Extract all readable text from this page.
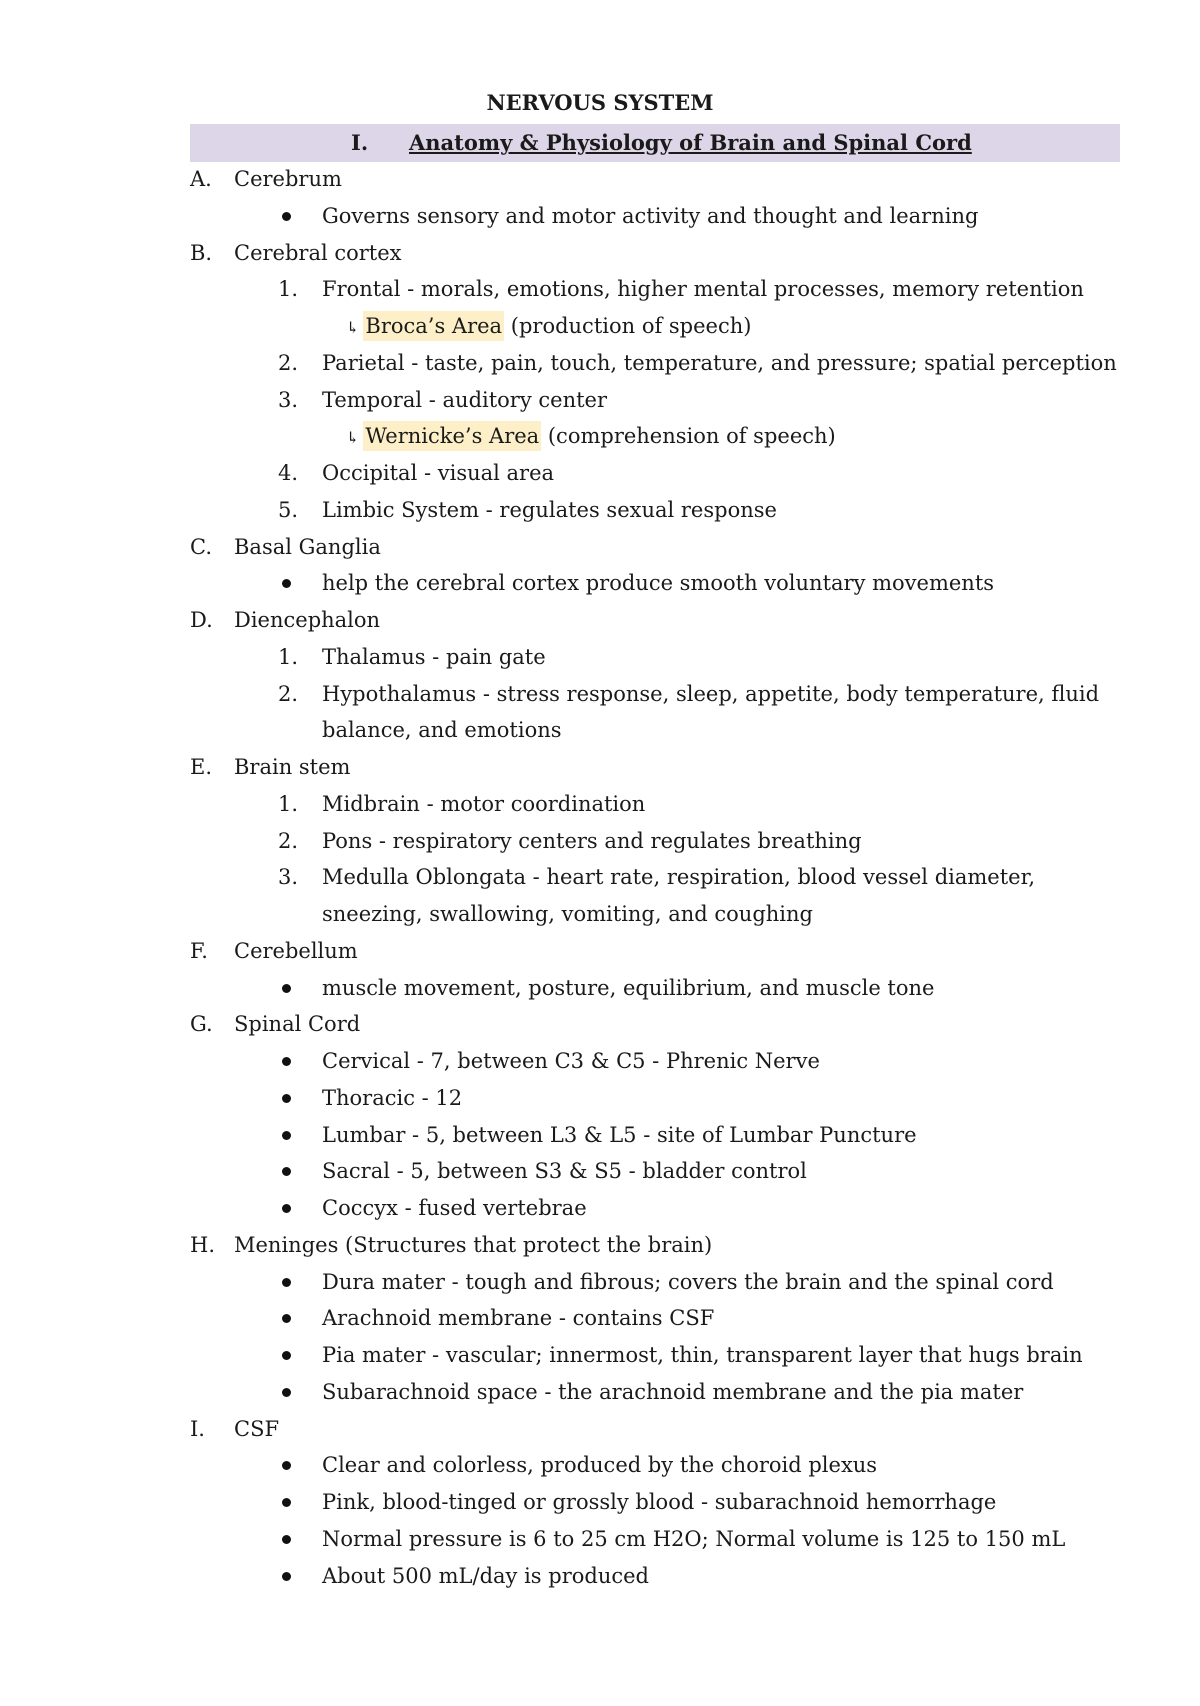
NERVOUS SYSTEM
I. Anatomy & Physiology of Brain and Spinal Cord
A. Cerebrum
Governs sensory and motor activity and thought and learning
B. Cerebral cortex
1. Frontal - morals, emotions, higher mental processes, memory retention
↳ Broca’s Area (production of speech)
2. Parietal - taste, pain, touch, temperature, and pressure; spatial perception
3. Temporal - auditory center
↳ Wernicke’s Area (comprehension of speech)
4. Occipital - visual area
5. Limbic System - regulates sexual response
C. Basal Ganglia
help the cerebral cortex produce smooth voluntary movements
D. Diencephalon
1. Thalamus - pain gate
2. Hypothalamus - stress response, sleep, appetite, body temperature, fluid
balance, and emotions
E. Brain stem
1. Midbrain - motor coordination
2. Pons - respiratory centers and regulates breathing
3. Medulla Oblongata - heart rate, respiration, blood vessel diameter,
sneezing, swallowing, vomiting, and coughing
F. Cerebellum
muscle movement, posture, equilibrium, and muscle tone
G. Spinal Cord
Cervical - 7, between C3 & C5 - Phrenic Nerve
Thoracic - 12
Lumbar - 5, between L3 & L5 - site of Lumbar Puncture
Sacral - 5, between S3 & S5 - bladder control
Coccyx - fused vertebrae
H. Meninges (Structures that protect the brain)
Dura mater - tough and fibrous; covers the brain and the spinal cord
Arachnoid membrane - contains CSF
Pia mater - vascular; innermost, thin, transparent layer that hugs brain
Subarachnoid space - the arachnoid membrane and the pia mater
I. CSF
Clear and colorless, produced by the choroid plexus
Pink, blood-tinged or grossly blood - subarachnoid hemorrhage
Normal pressure is 6 to 25 cm H2O; Normal volume is 125 to 150 mL
About 500 mL/day is produced
